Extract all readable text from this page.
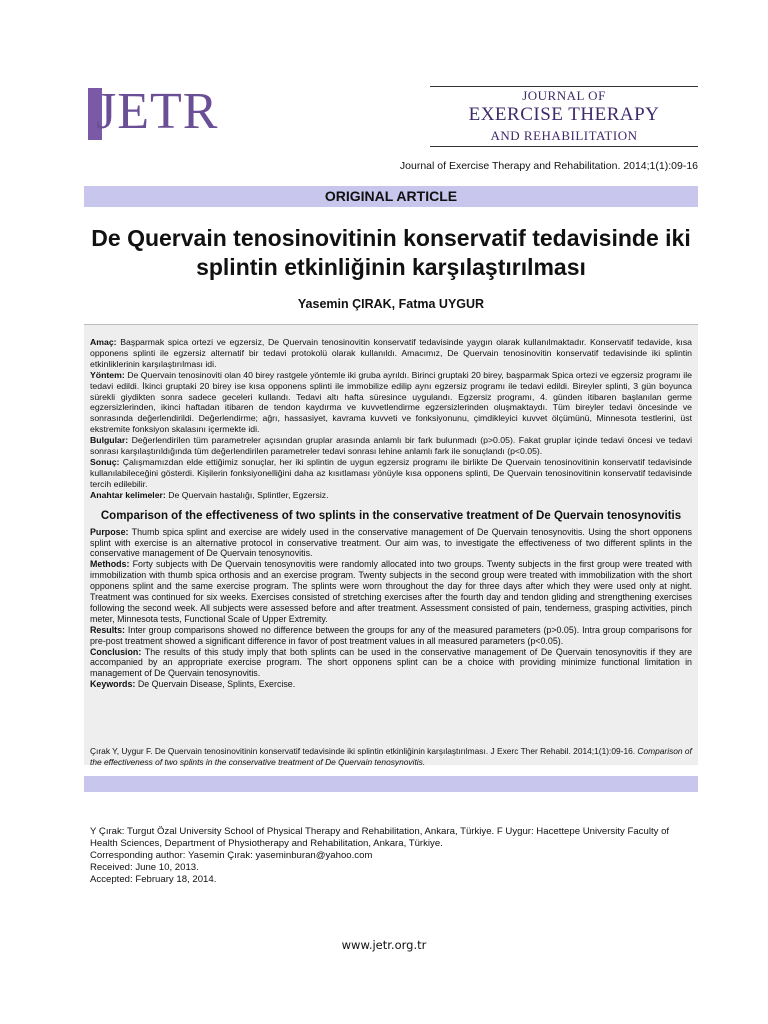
JETR	JOURNAL OF
EXERCISE THERAPY
AND REHABILITATION
Journal of Exercise Therapy and Rehabilitation. 2014;1(1):09-16
ORIGINAL ARTICLE
De Quervain tenosinovitinin konservatif tedavisinde iki
splintin etkinliğinin karşılaştırılması
Yasemin ÇIRAK, Fatma UYGUR

Amaç: Başparmak spica ortezi ve egzersiz, De Quervain tenosinovitin konservatif tedavisinde yaygın olarak kullanılmaktadır. Konservatif tedavide, kısa opponens splinti ile egzersiz alternatif bir tedavi protokolü olarak kullanıldı. Amacımız, De Quervain tenosinovitin konservatif tedavisinde iki splintin etkinliklerinin karşılaştırılması idi.

Yöntem: De Quervain tenosinoviti olan 40 birey rastgele yöntemle iki gruba ayrıldı. Birinci gruptaki 20 birey, başparmak Spica ortezi ve egzersiz programı ile tedavi edildi. İkinci gruptaki 20 birey ise kısa opponens splinti ile immobilize edilip aynı egzersiz programı ile tedavi edildi. Bireyler splinti, 3 gün boyunca sürekli giydikten sonra sadece geceleri kullandı. Tedavi altı hafta süresince uygulandı. Egzersiz programı, 4. günden itibaren başlanılan germe egzersizlerinden, ikinci haftadan itibaren de tendon kaydırma ve kuvvetlendirme egzersizlerinden oluşmaktaydı. Tüm bireyler tedavi öncesinde ve sonrasında değerlendirildi. Değerlendirme; ağrı, hassasiyet, kavrama kuvveti ve fonksiyonunu, çimdikleyici kuvvet ölçümünü, Minnesota testlerini, üst ekstremite fonksiyon skalasını içermekte idi.

Bulgular: Değerlendirilen tüm parametreler açısından gruplar arasında anlamlı bir fark bulunmadı (p>0.05). Fakat gruplar içinde tedavi öncesi ve tedavi sonrası karşılaştırıldığında tüm değerlendirilen parametreler tedavi sonrası lehine anlamlı fark ile sonuçlandı (p<0.05).

Sonuç: Çalışmamızdan elde ettiğimiz sonuçlar, her iki splintin de uygun egzersiz programı ile birlikte De Quervain tenosinovitinin konservatif tedavisinde kullanılabileceğini gösterdi. Kişilerin fonksiyonelliğini daha az kısıtlaması yönüyle kısa opponens splinti, De Quervain tenosinovitinin konservatif tedavisinde tercih edilebilir.

Anahtar kelimeler: De Quervain hastalığı, Splintler, Egzersiz.

Comparison of the effectiveness of two splints in the conservative treatment of De Quervain tenosynovitis

Purpose: Thumb spica splint and exercise are widely used in the conservative management of De Quervain tenosynovitis. Using the short opponens splint with exercise is an alternative protocol in conservative treatment. Our aim was, to investigate the effectiveness of two different splints in the conservative management of De Quervain tenosynovitis.

Methods: Forty subjects with De Quervain tenosynovitis were randomly allocated into two groups. Twenty subjects in the first group were treated with immobilization with thumb spica orthosis and an exercise program. Twenty subjects in the second group were treated with immobilization with the short opponens splint and the same exercise program. The splints were worn throughout the day for three days after which they were used only at night. Treatment was continued for six weeks. Exercises consisted of stretching exercises after the fourth day and tendon gliding and strengthening exercises following the second week. All subjects were assessed before and after treatment. Assessment consisted of pain, tenderness, grasping activities, pinch meter, Minnesota tests, Functional Scale of Upper Extremity.

Results: Inter group comparisons showed no difference between the groups for any of the measured parameters (p>0.05). Intra group comparisons for pre-post treatment showed a significant difference in favor of post treatment values in all measured parameters (p<0.05).

Conclusion: The results of this study imply that both splints can be used in the conservative management of De Quervain tenosynovitis if they are accompanied by an appropriate exercise program. The short opponens splint can be a choice with providing minimize functional limitation in management of De Quervain tenosynovitis.

Keywords: De Quervain Disease, Splints, Exercise.

Çırak Y, Uygur F. De Quervain tenosinovitinin konservatif tedavisinde iki splintin etkinliğinin karşılaştırılması. J Exerc Ther Rehabil. 2014;1(1):09-16. Comparison of the effectiveness of two splints in the conservative treatment of De Quervain tenosynovitis.
Y Çırak: Turgut Özal University School of Physical Therapy and Rehabilitation, Ankara, Türkiye. F Uygur: Hacettepe University Faculty of Health Sciences, Department of Physiotherapy and Rehabilitation, Ankara, Türkiye.
Corresponding author: Yasemin Çırak: yaseminburan@yahoo.com
Received: June 10, 2013.
Accepted: February 18, 2014.
www.jetr.org.tr
